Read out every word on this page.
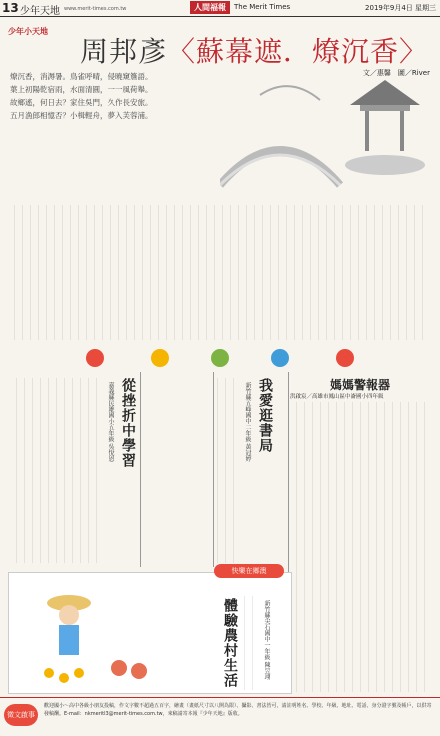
13 少年天地 www.merit-times.com.tw	人間福報	The Merit Times	2019年9月4日 星期三
少年小天地
周邦彥〈蘇幕遮．燎沉香〉
文／惠馨　圖／River
燎沉香，消溽暑。鳥雀呼晴，侵曉窺簷語。
葉上初陽乾宿雨，水面清圓，一一風荷舉。
故鄉遙，何日去？家住吳門，久作長安旅。
五月漁郎相憶否？小楫輕舟，夢入芙蓉浦。
我愛逛書局
新竹縣五峰國中二年級 黃冠婷
從挫折中學習
嘉義縣民雄國小五年級 吳悅恩	媽媽警報器
洪啟宸／高雄市鳳山區中崙國小四年級
快樂在鄉澳
體驗農村生活	新竹縣尖石國中一年級 陳昱翊
徵文啟事
歡迎國小～高中各級小朋友投稿，作文字數不超過五百字，繪畫（畫紙尺寸以八開為限）、攝影、書法皆可，請註明姓名、學校、年級、地址、電話、身分證字號及帳戶，以供寄發稿酬。E-mail：nkmeritl3@merit-times.com.tw，來稿請寄本報『少年天地』版收。
